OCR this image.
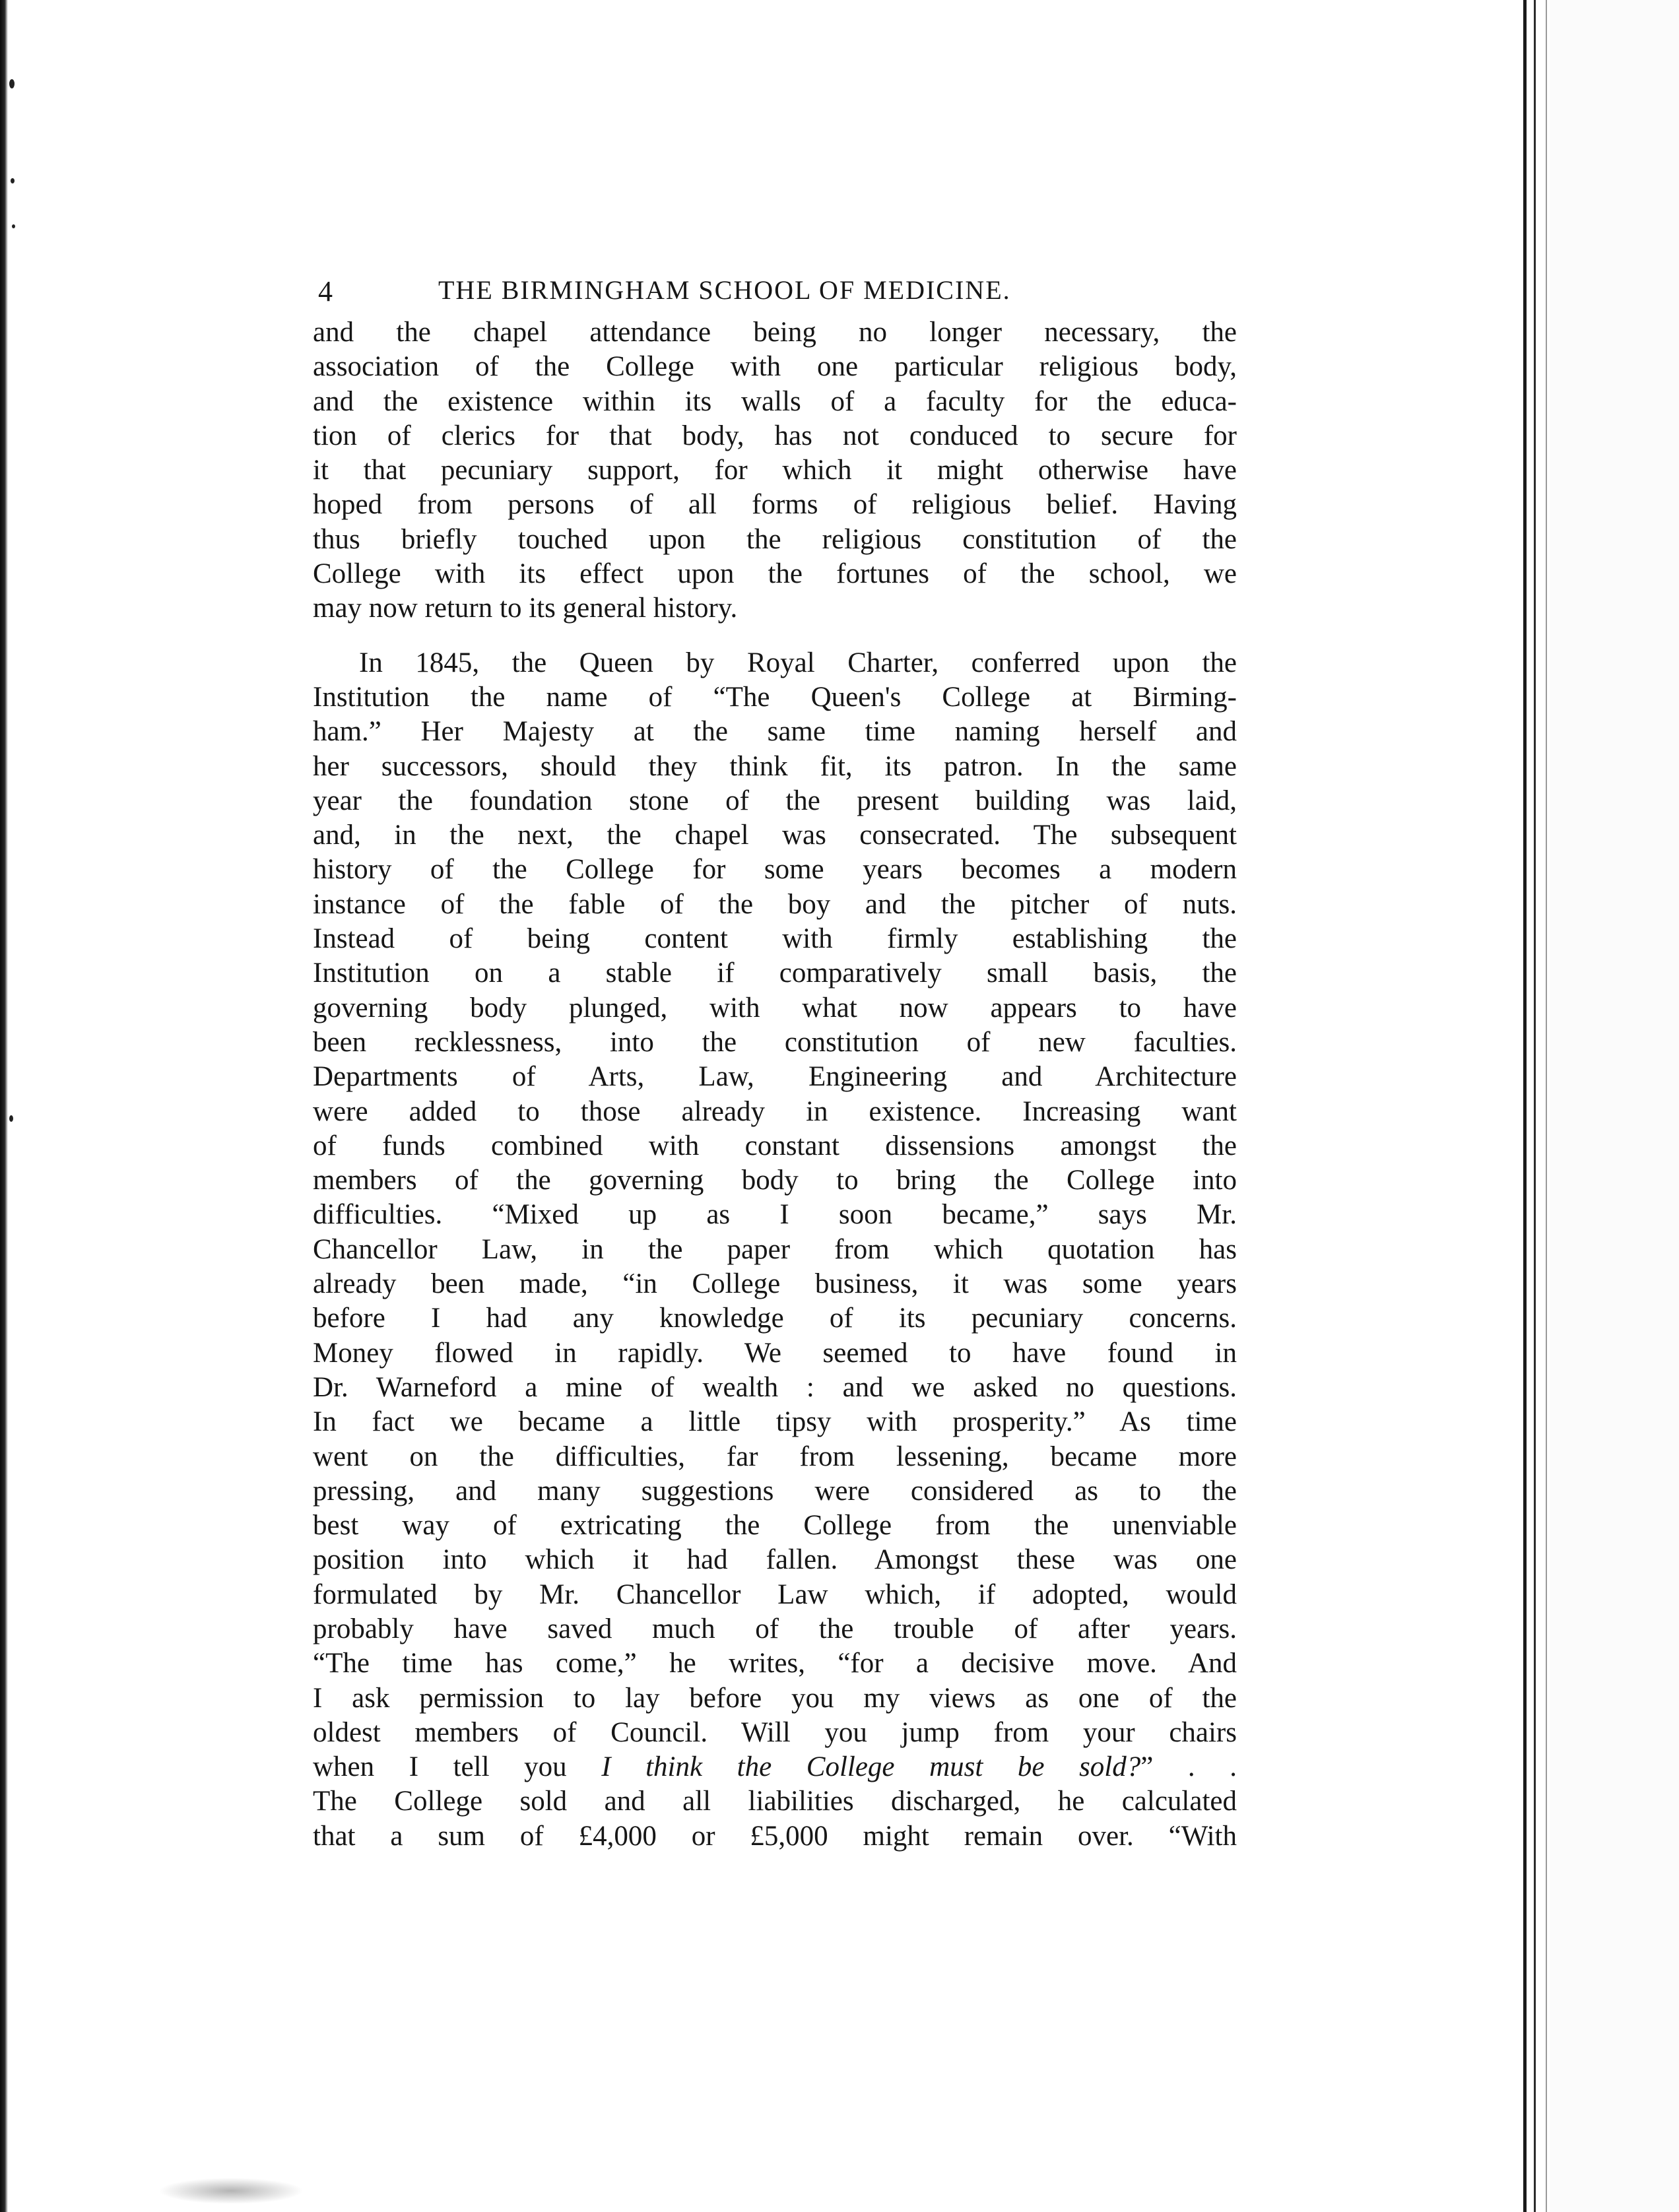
4	THE BIRMINGHAM SCHOOL OF MEDICINE.

and the chapel attendance being no longer necessary, the
association of the College with one particular religious body,
and the existence within its walls of a faculty for the educa-
tion of clerics for that body, has not conduced to secure for
it that pecuniary support, for which it might otherwise have
hoped from persons of all forms of religious belief. Having
thus briefly touched upon the religious constitution of the
College with its effect upon the fortunes of the school, we
may now return to its general history.

In 1845, the Queen by Royal Charter, conferred upon the
Institution the name of “The Queen's College at Birming-
ham.” Her Majesty at the same time naming herself and
her successors, should they think fit, its patron. In the same
year the foundation stone of the present building was laid,
and, in the next, the chapel was consecrated. The subsequent
history of the College for some years becomes a modern
instance of the fable of the boy and the pitcher of nuts.
Instead of being content with firmly establishing the
Institution on a stable if comparatively small basis, the
governing body plunged, with what now appears to have
been recklessness, into the constitution of new faculties.
Departments of Arts, Law, Engineering and Architecture
were added to those already in existence. Increasing want
of funds combined with constant dissensions amongst the
members of the governing body to bring the College into
difficulties. “Mixed up as I soon became,” says Mr.
Chancellor Law, in the paper from which quotation has
already been made, “in College business, it was some years
before I had any knowledge of its pecuniary concerns.
Money flowed in rapidly. We seemed to have found in
Dr. Warneford a mine of wealth : and we asked no questions.
In fact we became a little tipsy with prosperity.” As time
went on the difficulties, far from lessening, became more
pressing, and many suggestions were considered as to the
best way of extricating the College from the unenviable
position into which it had fallen. Amongst these was one
formulated by Mr. Chancellor Law which, if adopted, would
probably have saved much of the trouble of after years.
“The time has come,” he writes, “for a decisive move. And
I ask permission to lay before you my views as one of the
oldest members of Council. Will you jump from your chairs
when I tell you I think the College must be sold?” . .
The College sold and all liabilities discharged, he calculated
that a sum of £4,000 or £5,000 might remain over. “With
